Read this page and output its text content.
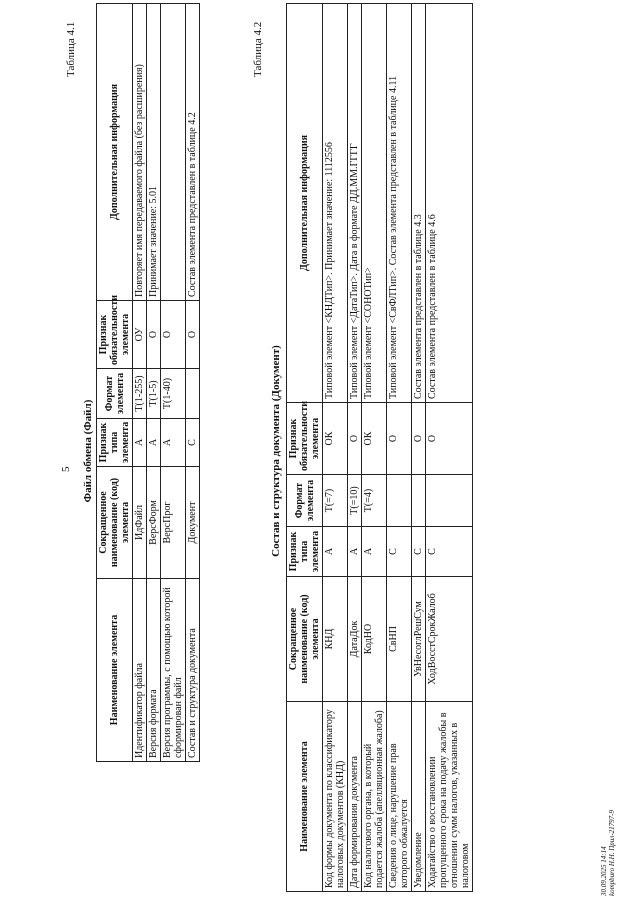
5
Таблица 4.1
Файл обмена (Файл)
Наименование элемента	Сокращенное наименование (код) элемента	Признак типа элемента	Формат элемента	Признак обязательности элемента	Дополнительная информация
Идентификатор файла	ИдФайл	А	Т(1-255)	ОУ	Повторяет имя передаваемого файла (без расширения)
Версия формата	ВерсФорм	А	Т(1-5)	О	Принимает значение: 5.01
Версия программы, с помощью которой сформирован файл	ВерсПрог	А	Т(1-40)	О	
Состав и структура документа	Документ	С		О	Состав элемента представлен в таблице 4.2
Таблица 4.2
Состав и структура документа (Документ)
Наименование элемента	Сокращенное наименование (код) элемента	Признак типа элемента	Формат элемента	Признак обязательности элемента	Дополнительная информация
Код формы документа по классификатору налоговых документов (КНД)	КНД	А	Т(=7)	ОК	Типовой элемент <КНДТип>. Принимает значение: 1112556
Дата формирования документа	ДатаДок	А	Т(=10)	О	Типовой элемент <ДатаТип>. Дата в формате ДД.ММ.ГГГГ
Код налогового органа, в который подается жалоба (апелляционная жалоба)	КодНО	А	Т(=4)	ОК	Типовой элемент <СОНОТип>
Сведения о лице, нарушение прав которого обжалуется	СвНП	С		О	Типовой элемент <СвФЛТип>. Состав элемента представлен в таблице 4.11
Уведомление	УвНесоглРешСум	С		О	Состав элемента представлен в таблице 4.3
Ходатайство о восстановлении пропущенного срока на подачу жалобы в отношении сумм налогов, указанных в налоговом	ХодВосстСрокЖалоб	С		О	Состав элемента представлен в таблице 4.6
30.09.2025 14:14 kompburo Н.Н. Прил-21797-9
